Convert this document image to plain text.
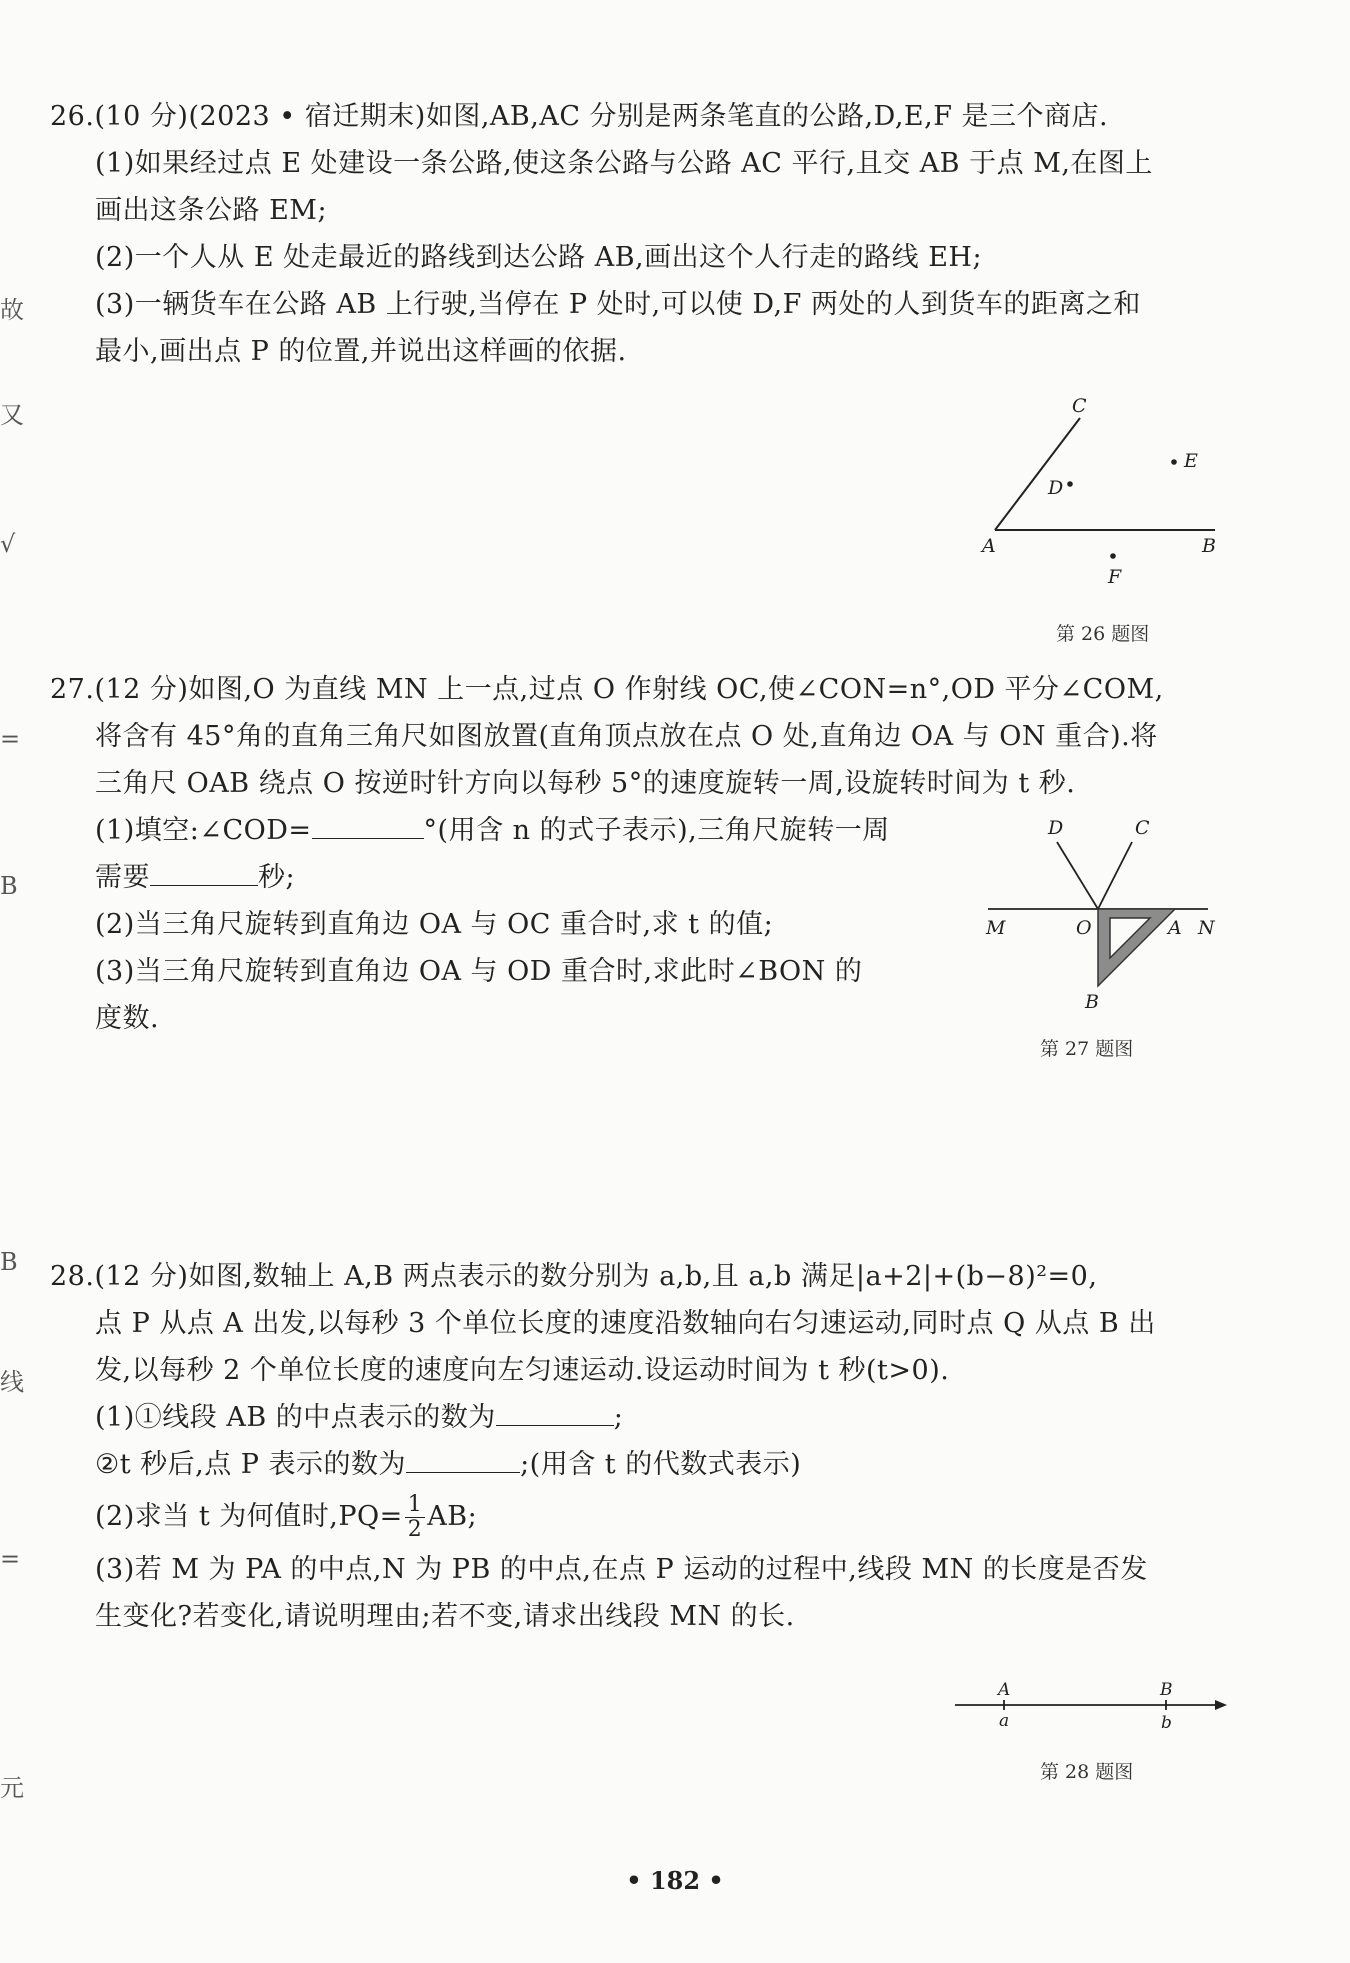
故
又
√
=
B
B
线
=
元
26.(10 分)(2023 • 宿迁期末)如图,AB,AC 分别是两条笔直的公路,D,E,F 是三个商店.
(1)如果经过点 E 处建设一条公路,使这条公路与公路 AC 平行,且交 AB 于点 M,在图上
画出这条公路 EM;
(2)一个人从 E 处走最近的路线到达公路 AB,画出这个人行走的路线 EH;
(3)一辆货车在公路 AB 上行驶,当停在 P 处时,可以使 D,F 两处的人到货车的距离之和
最小,画出点 P 的位置,并说出这样画的依据.
C
D
E
A	B
F
第 26 题图
27.(12 分)如图,O 为直线 MN 上一点,过点 O 作射线 OC,使∠CON=n°,OD 平分∠COM,
将含有 45°角的直角三角尺如图放置(直角顶点放在点 O 处,直角边 OA 与 ON 重合).将
三角尺 OAB 绕点 O 按逆时针方向以每秒 5°的速度旋转一周,设旋转时间为 t 秒.
(1)填空:∠COD=	°(用含 n 的式子表示),三角尺旋转一周
需要	秒;
(2)当三角尺旋转到直角边 OA 与 OC 重合时,求 t 的值;
(3)当三角尺旋转到直角边 OA 与 OD 重合时,求此时∠BON 的
度数.
D	C
M	O	A N
B
第 27 题图
28.(12 分)如图,数轴上 A,B 两点表示的数分别为 a,b,且 a,b 满足|a+2|+(b−8)²=0,
点 P 从点 A 出发,以每秒 3 个单位长度的速度沿数轴向右匀速运动,同时点 Q 从点 B 出
发,以每秒 2 个单位长度的速度向左匀速运动.设运动时间为 t 秒(t>0).
(1)①线段 AB 的中点表示的数为	;
②t 秒后,点 P 表示的数为	;(用含 t 的代数式表示)
(2)求当 t 为何值时$,PQ= \frac{1}{2}$ AB;
(3)若 M 为 PA 的中点,N 为 PB 的中点,在点 P 运动的过程中,线段 MN 的长度是否发
生变化?若变化,请说明理由;若不变,请求出线段 MN 的长.
A	B
a	b
第 28 题图
• 182 •
